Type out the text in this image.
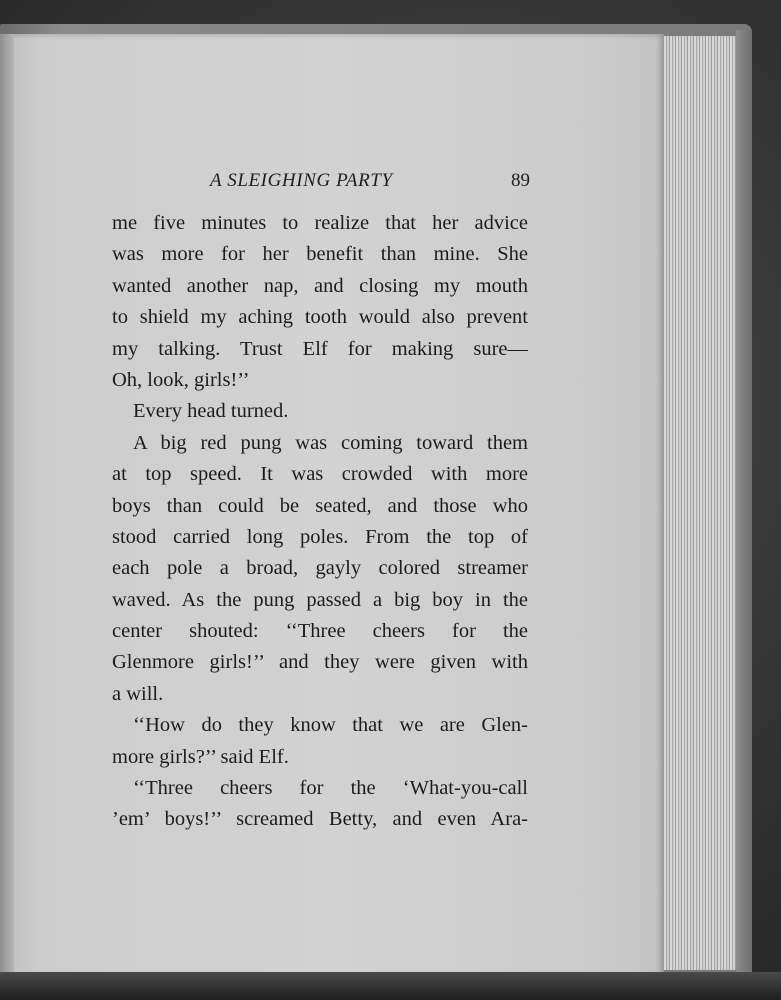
A SLEIGHING PARTY	89
me five minutes to realize that her advice
was more for her benefit than mine. She
wanted another nap, and closing my mouth
to shield my aching tooth would also prevent
my talking. Trust Elf for making sure—
Oh, look, girls!’’
Every head turned.
A big red pung was coming toward them
at top speed. It was crowded with more
boys than could be seated, and those who
stood carried long poles. From the top of
each pole a broad, gayly colored streamer
waved. As the pung passed a big boy in the
center shouted: ‘‘Three cheers for the
Glenmore girls!’’ and they were given with
a will.
‘‘How do they know that we are Glen-
more girls?’’ said Elf.
‘‘Three cheers for the ‘What-you-call
’em’ boys!’’ screamed Betty, and even Ara-
